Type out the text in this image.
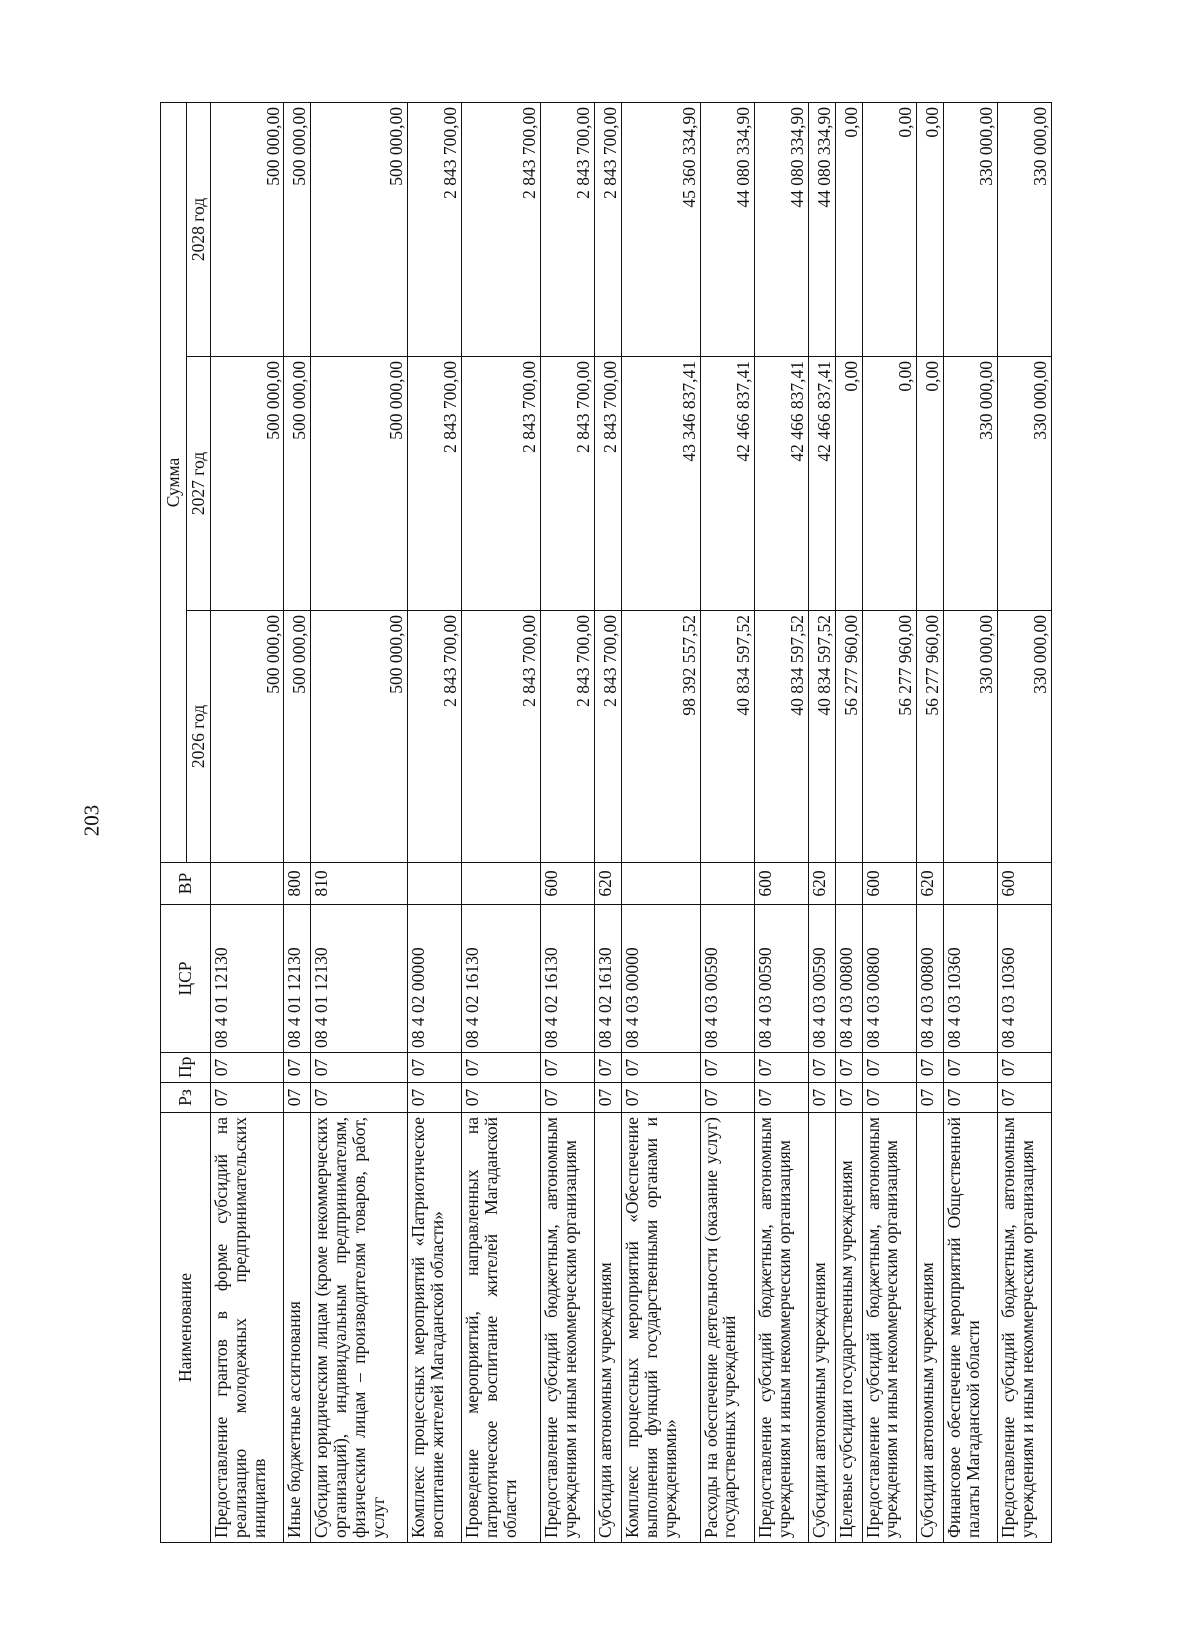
203
Наименование	Рз	Пр	ЦСР	ВР	Сумма		
					2026 год	2027 год	2028 год
Предоставление грантов в форме субсидий на реализацию молодежных предпринимательских инициатив	07	07	08 4 01 12130		500 000,00	500 000,00	500 000,00
Иные бюджетные ассигнования	07	07	08 4 01 12130	800	500 000,00	500 000,00	500 000,00
Субсидии юридическим лицам (кроме некоммерческих организаций), индивидуальным предпринимателям, физическим лицам – производителям товаров, работ, услуг	07	07	08 4 01 12130	810	500 000,00	500 000,00	500 000,00
Комплекс процессных мероприятий «Патриотическое воспитание жителей Магаданской области»	07	07	08 4 02 00000		2 843 700,00	2 843 700,00	2 843 700,00
Проведение мероприятий, направленных на патриотическое воспитание жителей Магаданской области	07	07	08 4 02 16130		2 843 700,00	2 843 700,00	2 843 700,00
Предоставление субсидий бюджетным, автономным учреждениям и иным некоммерческим организациям	07	07	08 4 02 16130	600	2 843 700,00	2 843 700,00	2 843 700,00
Субсидии автономным учреждениям	07	07	08 4 02 16130	620	2 843 700,00	2 843 700,00	2 843 700,00
Комплекс процессных мероприятий «Обеспечение выполнения функций государственными органами и учреждениями»	07	07	08 4 03 00000		98 392 557,52	43 346 837,41	45 360 334,90
Расходы на обеспечение деятельности (оказание услуг) государственных учреждений	07	07	08 4 03 00590		40 834 597,52	42 466 837,41	44 080 334,90
Предоставление субсидий бюджетным, автономным учреждениям и иным некоммерческим организациям	07	07	08 4 03 00590	600	40 834 597,52	42 466 837,41	44 080 334,90
Субсидии автономным учреждениям	07	07	08 4 03 00590	620	40 834 597,52	42 466 837,41	44 080 334,90
Целевые субсидии государственным учреждениям	07	07	08 4 03 00800		56 277 960,00	0,00	0,00
Предоставление субсидий бюджетным, автономным учреждениям и иным некоммерческим организациям	07	07	08 4 03 00800	600	56 277 960,00	0,00	0,00
Субсидии автономным учреждениям	07	07	08 4 03 00800	620	56 277 960,00	0,00	0,00
Финансовое обеспечение мероприятий Общественной палаты Магаданской области	07	07	08 4 03 10360		330 000,00	330 000,00	330 000,00
Предоставление субсидий бюджетным, автономным учреждениям и иным некоммерческим организациям	07	07	08 4 03 10360	600	330 000,00	330 000,00	330 000,00
